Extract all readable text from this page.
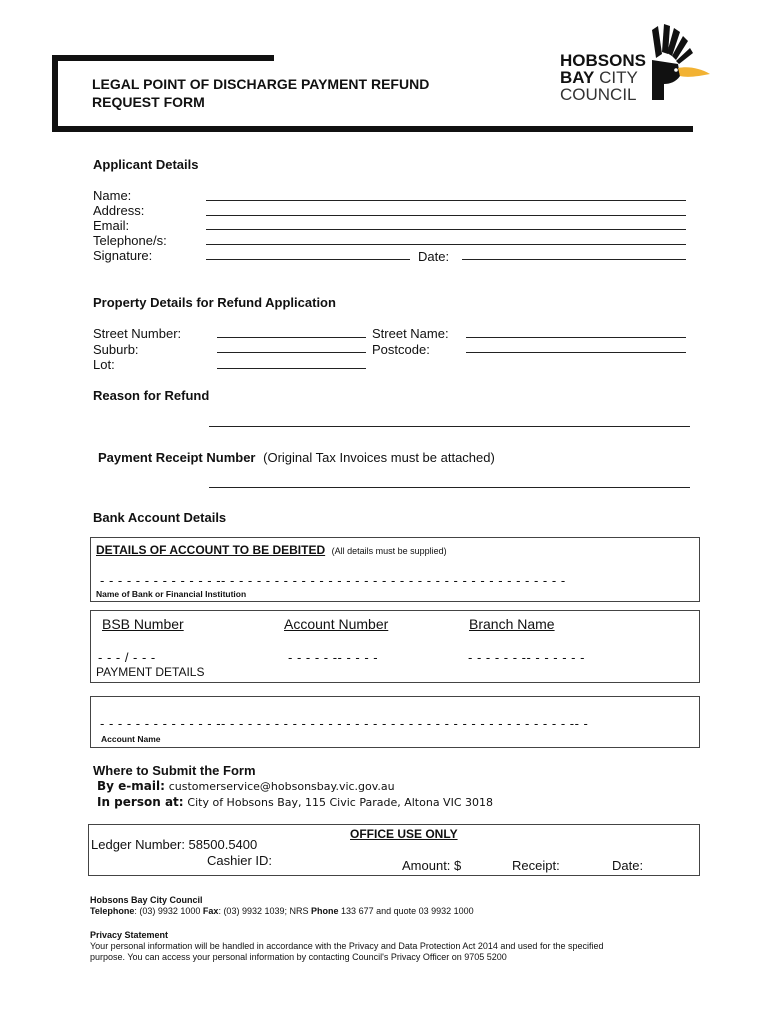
LEGAL POINT OF DISCHARGE PAYMENT REFUND
REQUEST FORM
HOBSONS
BAY CITY
COUNCIL
Applicant Details
Name:
Address:
Email:
Telephone/s:
Signature:	Date:
Property Details for Refund Application
Street Number:	Street Name:
Suburb:	Postcode:
Lot:
Reason for Refund
Payment Receipt Number (Original Tax Invoices must be attached)
Bank Account Details
DETAILS OF ACCOUNT TO BE DEBITED (All details must be supplied)
- - - - - - - - - - - - - -- - - - - - - - - - - - - - - - - - - - - - - - - - - - - - - - - - - - - - -
Name of Bank or Financial Institution
BSB Number	Account Number	Branch Name
- - - / - - -	- - - - - -- - - - -	- - - - - - -- - - - - - -
PAYMENT DETAILS
- - - - - - - - - - - - - -- - - - - - - - - - - - - - - - - - - - - - - - - - - - - - - - - - - - - - - -- -
Account Name
Where to Submit the Form
By e-mail: customerservice@hobsonsbay.vic.gov.au
In person at: City of Hobsons Bay, 115 Civic Parade, Altona VIC 3018
OFFICE USE ONLY
Ledger Number: 58500.5400
Cashier ID:	Amount: $	Receipt:	Date:
Hobsons Bay City Council
Telephone: (03) 9932 1000 Fax: (03) 9932 1039; NRS Phone 133 677 and quote 03 9932 1000
Privacy Statement
Your personal information will be handled in accordance with the Privacy and Data Protection Act 2014 and used for the specified
purpose. You can access your personal information by contacting Council's Privacy Officer on 9705 5200
